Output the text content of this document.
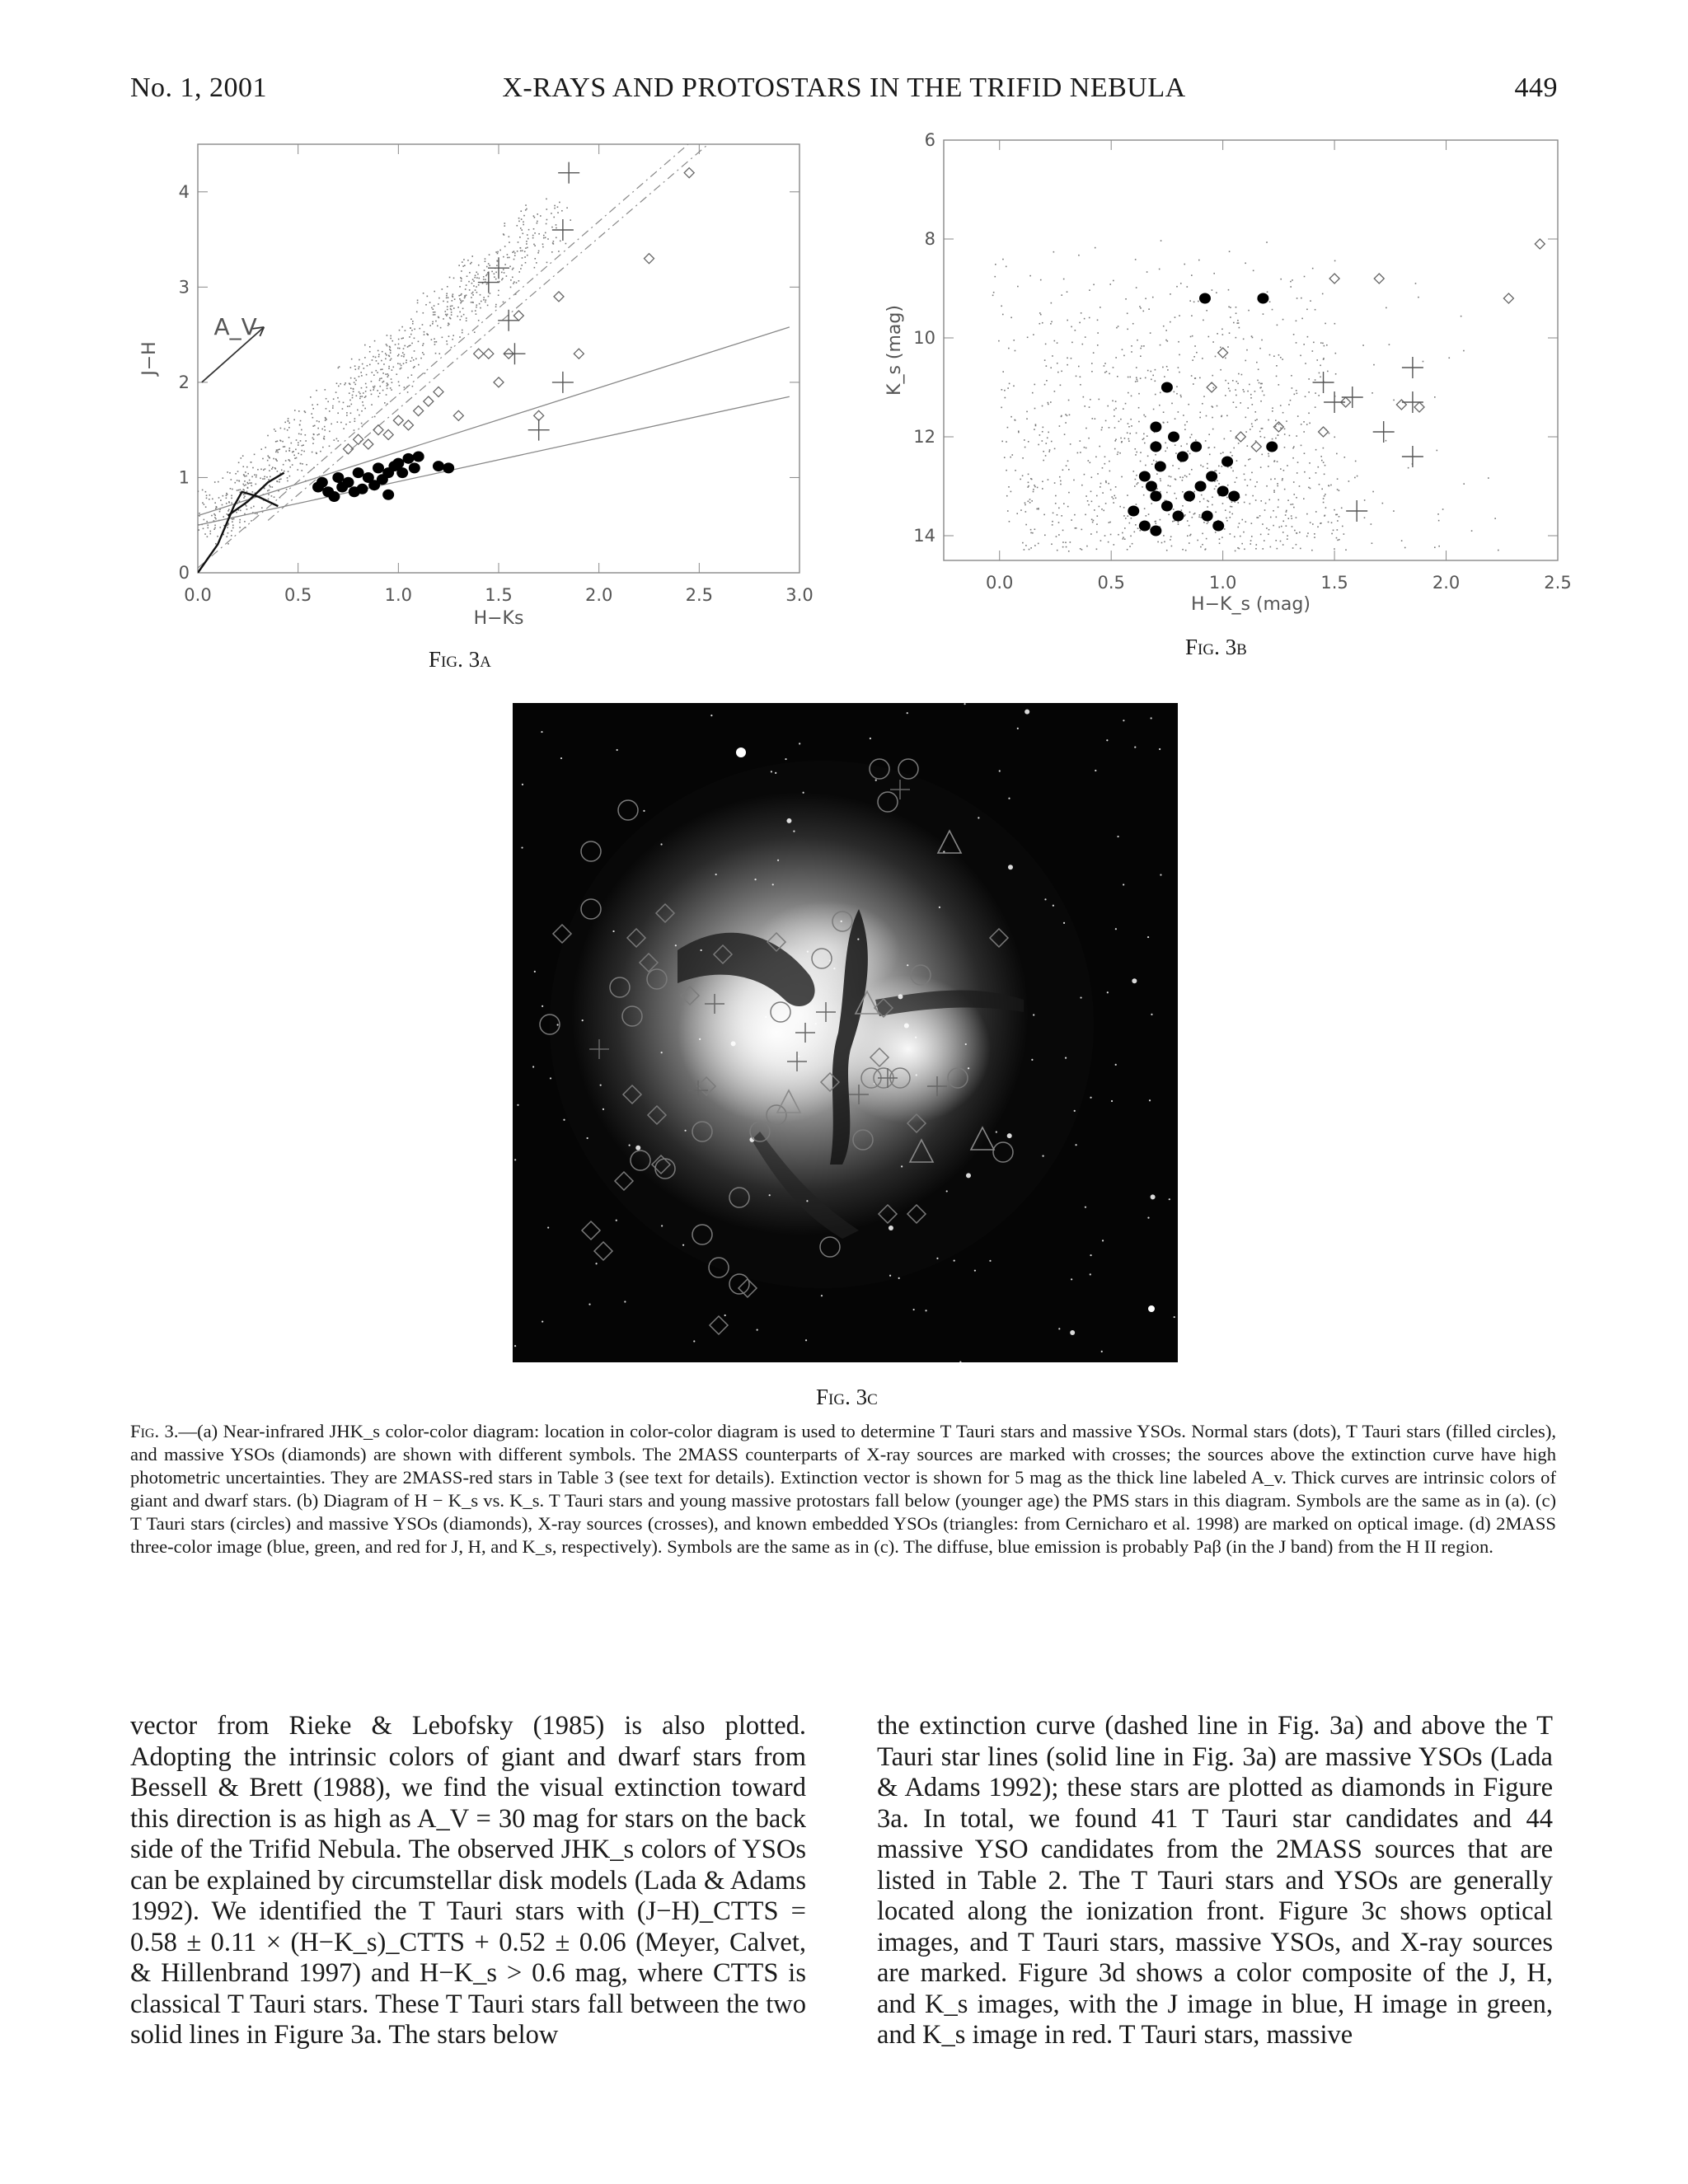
No. 1, 2001	X-RAYS AND PROTOSTARS IN THE TRIFID NEBULA	449
0.0	0.5	1.0	1.5	2.0	2.5	3.0
0
1
2
3
4
H−Ks
J−H
A_V
Fig. 3a
0.0	0.5	1.0	1.5	2.0	2.5
6
8
10
12
14
H−K_s (mag)
K_s (mag)
Fig. 3b
Fig. 3c

Fig. 3.—(a) Near-infrared JHK_s color-color diagram: location in color-color diagram is used to determine T Tauri stars and massive YSOs. Normal stars (dots), T Tauri stars (filled circles), and massive YSOs (diamonds) are shown with different symbols. The 2MASS counterparts of X-ray sources are marked with crosses; the sources above the extinction curve have high photometric uncertainties. They are 2MASS-red stars in Table 3 (see text for details). Extinction vector is shown for 5 mag as the thick line labeled A_v. Thick curves are intrinsic colors of giant and dwarf stars. (b) Diagram of H − K_s vs. K_s. T Tauri stars and young massive protostars fall below (younger age) the PMS stars in this diagram. Symbols are the same as in (a). (c) T Tauri stars (circles) and massive YSOs (diamonds), X-ray sources (crosses), and known embedded YSOs (triangles: from Cernicharo et al. 1998) are marked on optical image. (d) 2MASS three-color image (blue, green, and red for J, H, and K_s, respectively). Symbols are the same as in (c). The diffuse, blue emission is probably Paβ (in the J band) from the H II region.

vector from Rieke & Lebofsky (1985) is also plotted. Adopting the intrinsic colors of giant and dwarf stars from Bessell & Brett (1988), we find the visual extinction toward this direction is as high as A_V = 30 mag for stars on the back side of the Trifid Nebula. The observed JHK_s colors of YSOs can be explained by circumstellar disk models (Lada & Adams 1992). We identified the T Tauri stars with (J−H)_CTTS = 0.58 ± 0.11 × (H−K_s)_CTTS + 0.52 ± 0.06 (Meyer, Calvet, & Hillenbrand 1997) and H−K_s > 0.6 mag, where CTTS is classical T Tauri stars. These T Tauri stars fall between the two solid lines in Figure 3a. The stars below

the extinction curve (dashed line in Fig. 3a) and above the T Tauri star lines (solid line in Fig. 3a) are massive YSOs (Lada & Adams 1992); these stars are plotted as diamonds in Figure 3a. In total, we found 41 T Tauri star candidates and 44 massive YSO candidates from the 2MASS sources that are listed in Table 2. The T Tauri stars and YSOs are generally located along the ionization front. Figure 3c shows optical images, and T Tauri stars, massive YSOs, and X-ray sources are marked. Figure 3d shows a color composite of the J, H, and K_s images, with the J image in blue, H image in green, and K_s image in red. T Tauri stars, massive
